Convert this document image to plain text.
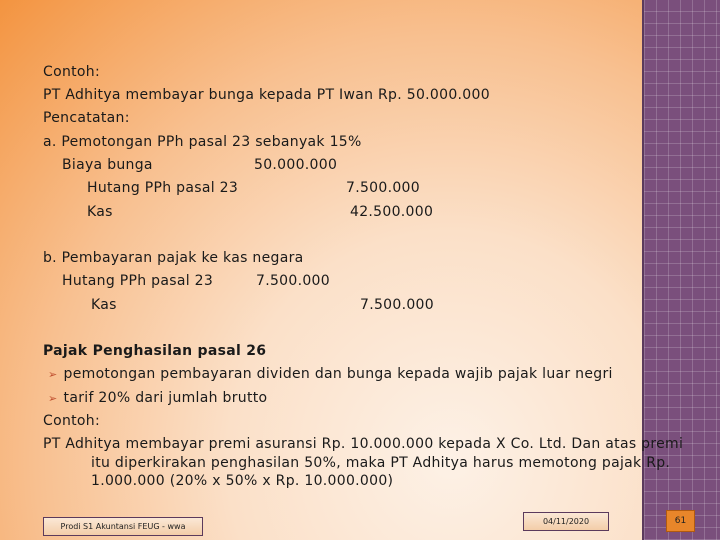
Contoh:
PT Adhitya membayar bunga kepada PT Iwan Rp. 50.000.000
Pencatatan:
a. Pemotongan PPh pasal 23 sebanyak 15%
Biaya bunga	50.000.000
Hutang PPh pasal 23	7.500.000
Kas	42.500.000
b. Pembayaran pajak ke kas negara
Hutang PPh pasal 23	7.500.000
Kas	7.500.000
Pajak Penghasilan pasal 26
➢ pemotongan pembayaran dividen dan bunga kepada wajib pajak luar negri
➢ tarif 20% dari jumlah brutto
Contoh:
PT Adhitya membayar premi asuransi Rp. 10.000.000 kepada X Co. Ltd. Dan atas premi
itu diperkirakan penghasilan 50%, maka PT Adhitya harus memotong pajak Rp.
1.000.000 (20% x 50% x Rp. 10.000.000)
Prodi S1 Akuntansi FEUG - wwa
04/11/2020	61
